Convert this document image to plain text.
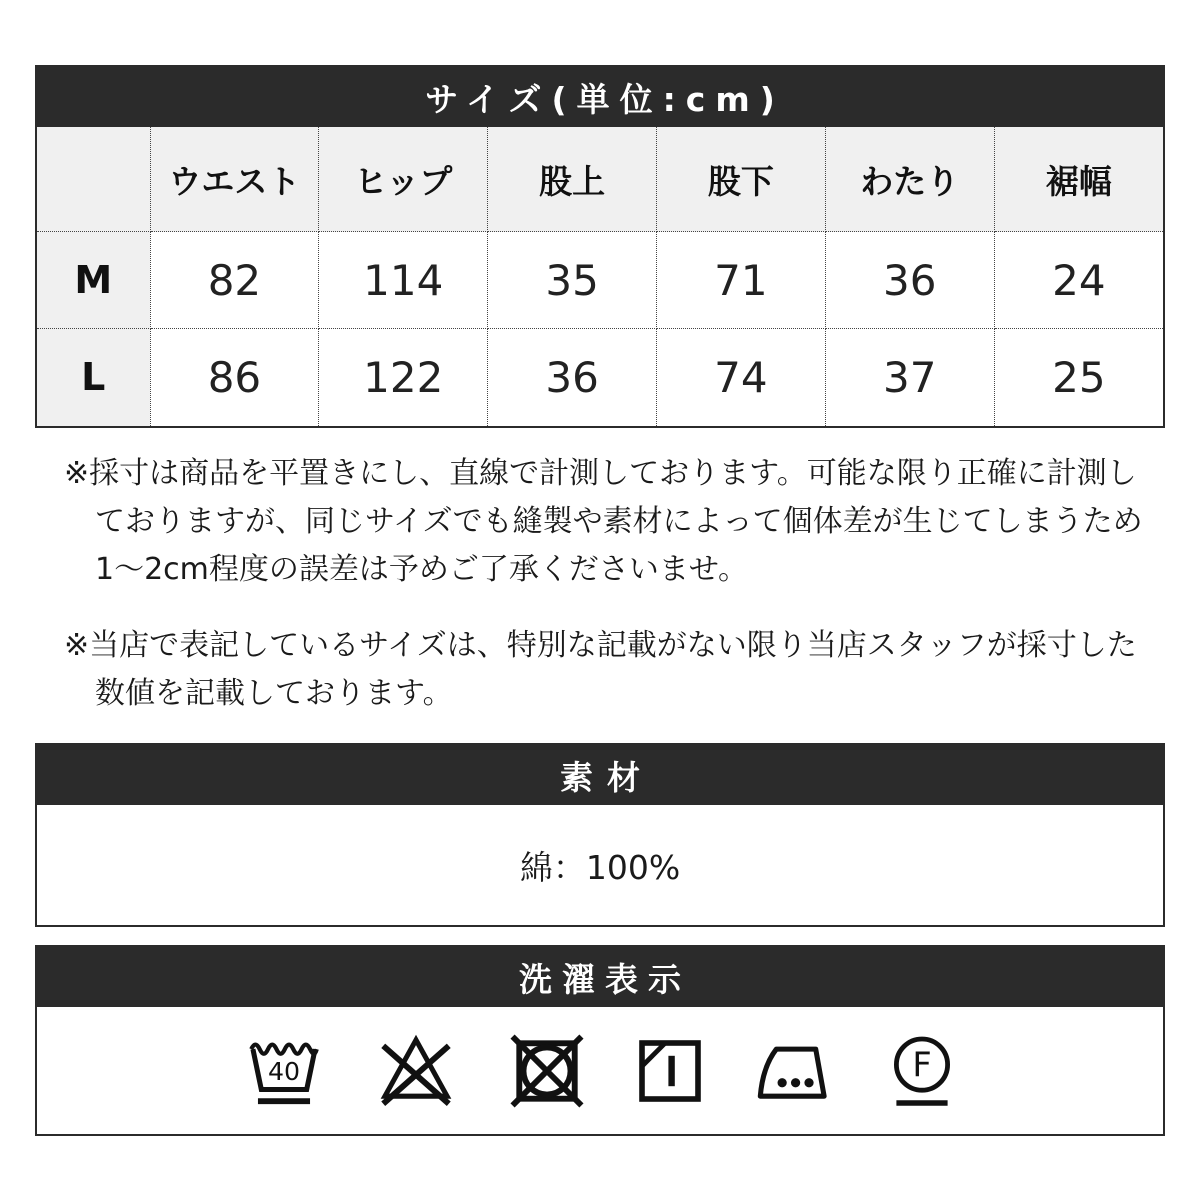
サイズ(単位:cm)
	ウエスト	ヒップ	股上	股下	わたり	裾幅
M	82	114	35	71	36	24
L	86	122	36	74	37	25
※採寸は商品を平置きにし、直線で計測しております。可能な限り正確に計測し
ておりますが、同じサイズでも縫製や素材によって個体差が生じてしまうため
1〜2cm程度の誤差は予めご了承くださいませ。
※当店で表記しているサイズは、特別な記載がない限り当店スタッフが採寸した
数値を記載しております。
素材
綿：100%
洗濯表示
40	F
